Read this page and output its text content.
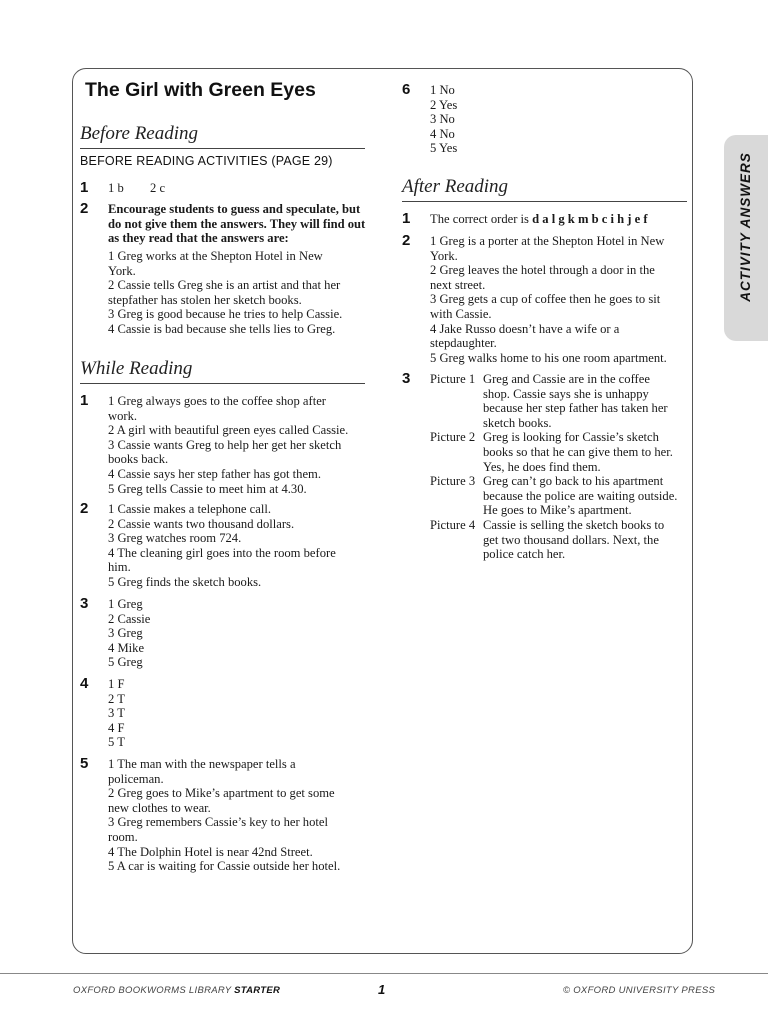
The Girl with Green Eyes
ACTIVITY ANSWERS
Before Reading
BEFORE READING ACTIVITIES (PAGE 29)
1 1 b 2 c
2 Encourage students to guess and speculate, but
do not give them the answers. They will find out
as they read that the answers are:
1 Greg works at the Shepton Hotel in New
York.
2 Cassie tells Greg she is an artist and that her
stepfather has stolen her sketch books.
3 Greg is good because he tries to help Cassie.
4 Cassie is bad because she tells lies to Greg.
While Reading
1 1 Greg always goes to the coffee shop after
work.
2 A girl with beautiful green eyes called Cassie.
3 Cassie wants Greg to help her get her sketch
books back.
4 Cassie says her step father has got them.
5 Greg tells Cassie to meet him at 4.30.
2 1 Cassie makes a telephone call.
2 Cassie wants two thousand dollars.
3 Greg watches room 724.
4 The cleaning girl goes into the room before
him.
5 Greg finds the sketch books.
3 1 Greg
2 Cassie
3 Greg
4 Mike
5 Greg
4 1 F
2 T
3 T
4 F
5 T
5 1 The man with the newspaper tells a
policeman.
2 Greg goes to Mike’s apartment to get some
new clothes to wear.
3 Greg remembers Cassie’s key to her hotel
room.
4 The Dolphin Hotel is near 42nd Street.
5 A car is waiting for Cassie outside her hotel.
6 1 No
2 Yes
3 No
4 No
5 Yes
After Reading
1 The correct order is d a l g k m b c i h j e f
2 1 Greg is a porter at the Shepton Hotel in New
York.
2 Greg leaves the hotel through a door in the
next street.
3 Greg gets a cup of coffee then he goes to sit
with Cassie.
4 Jake Russo doesn’t have a wife or a
stepdaughter.
5 Greg walks home to his one room apartment.
3 Picture 1 Greg and Cassie are in the coffee
shop. Cassie says she is unhappy
because her step father has taken her
sketch books.
Picture 2 Greg is looking for Cassie’s sketch
books so that he can give them to her.
Yes, he does find them.
Picture 3 Greg can’t go back to his apartment
because the police are waiting outside.
He goes to Mike’s apartment.
Picture 4 Cassie is selling the sketch books to
get two thousand dollars. Next, the
police catch her.
OXFORD BOOKWORMS LIBRARY STARTER	1	© OXFORD UNIVERSITY PRESS
